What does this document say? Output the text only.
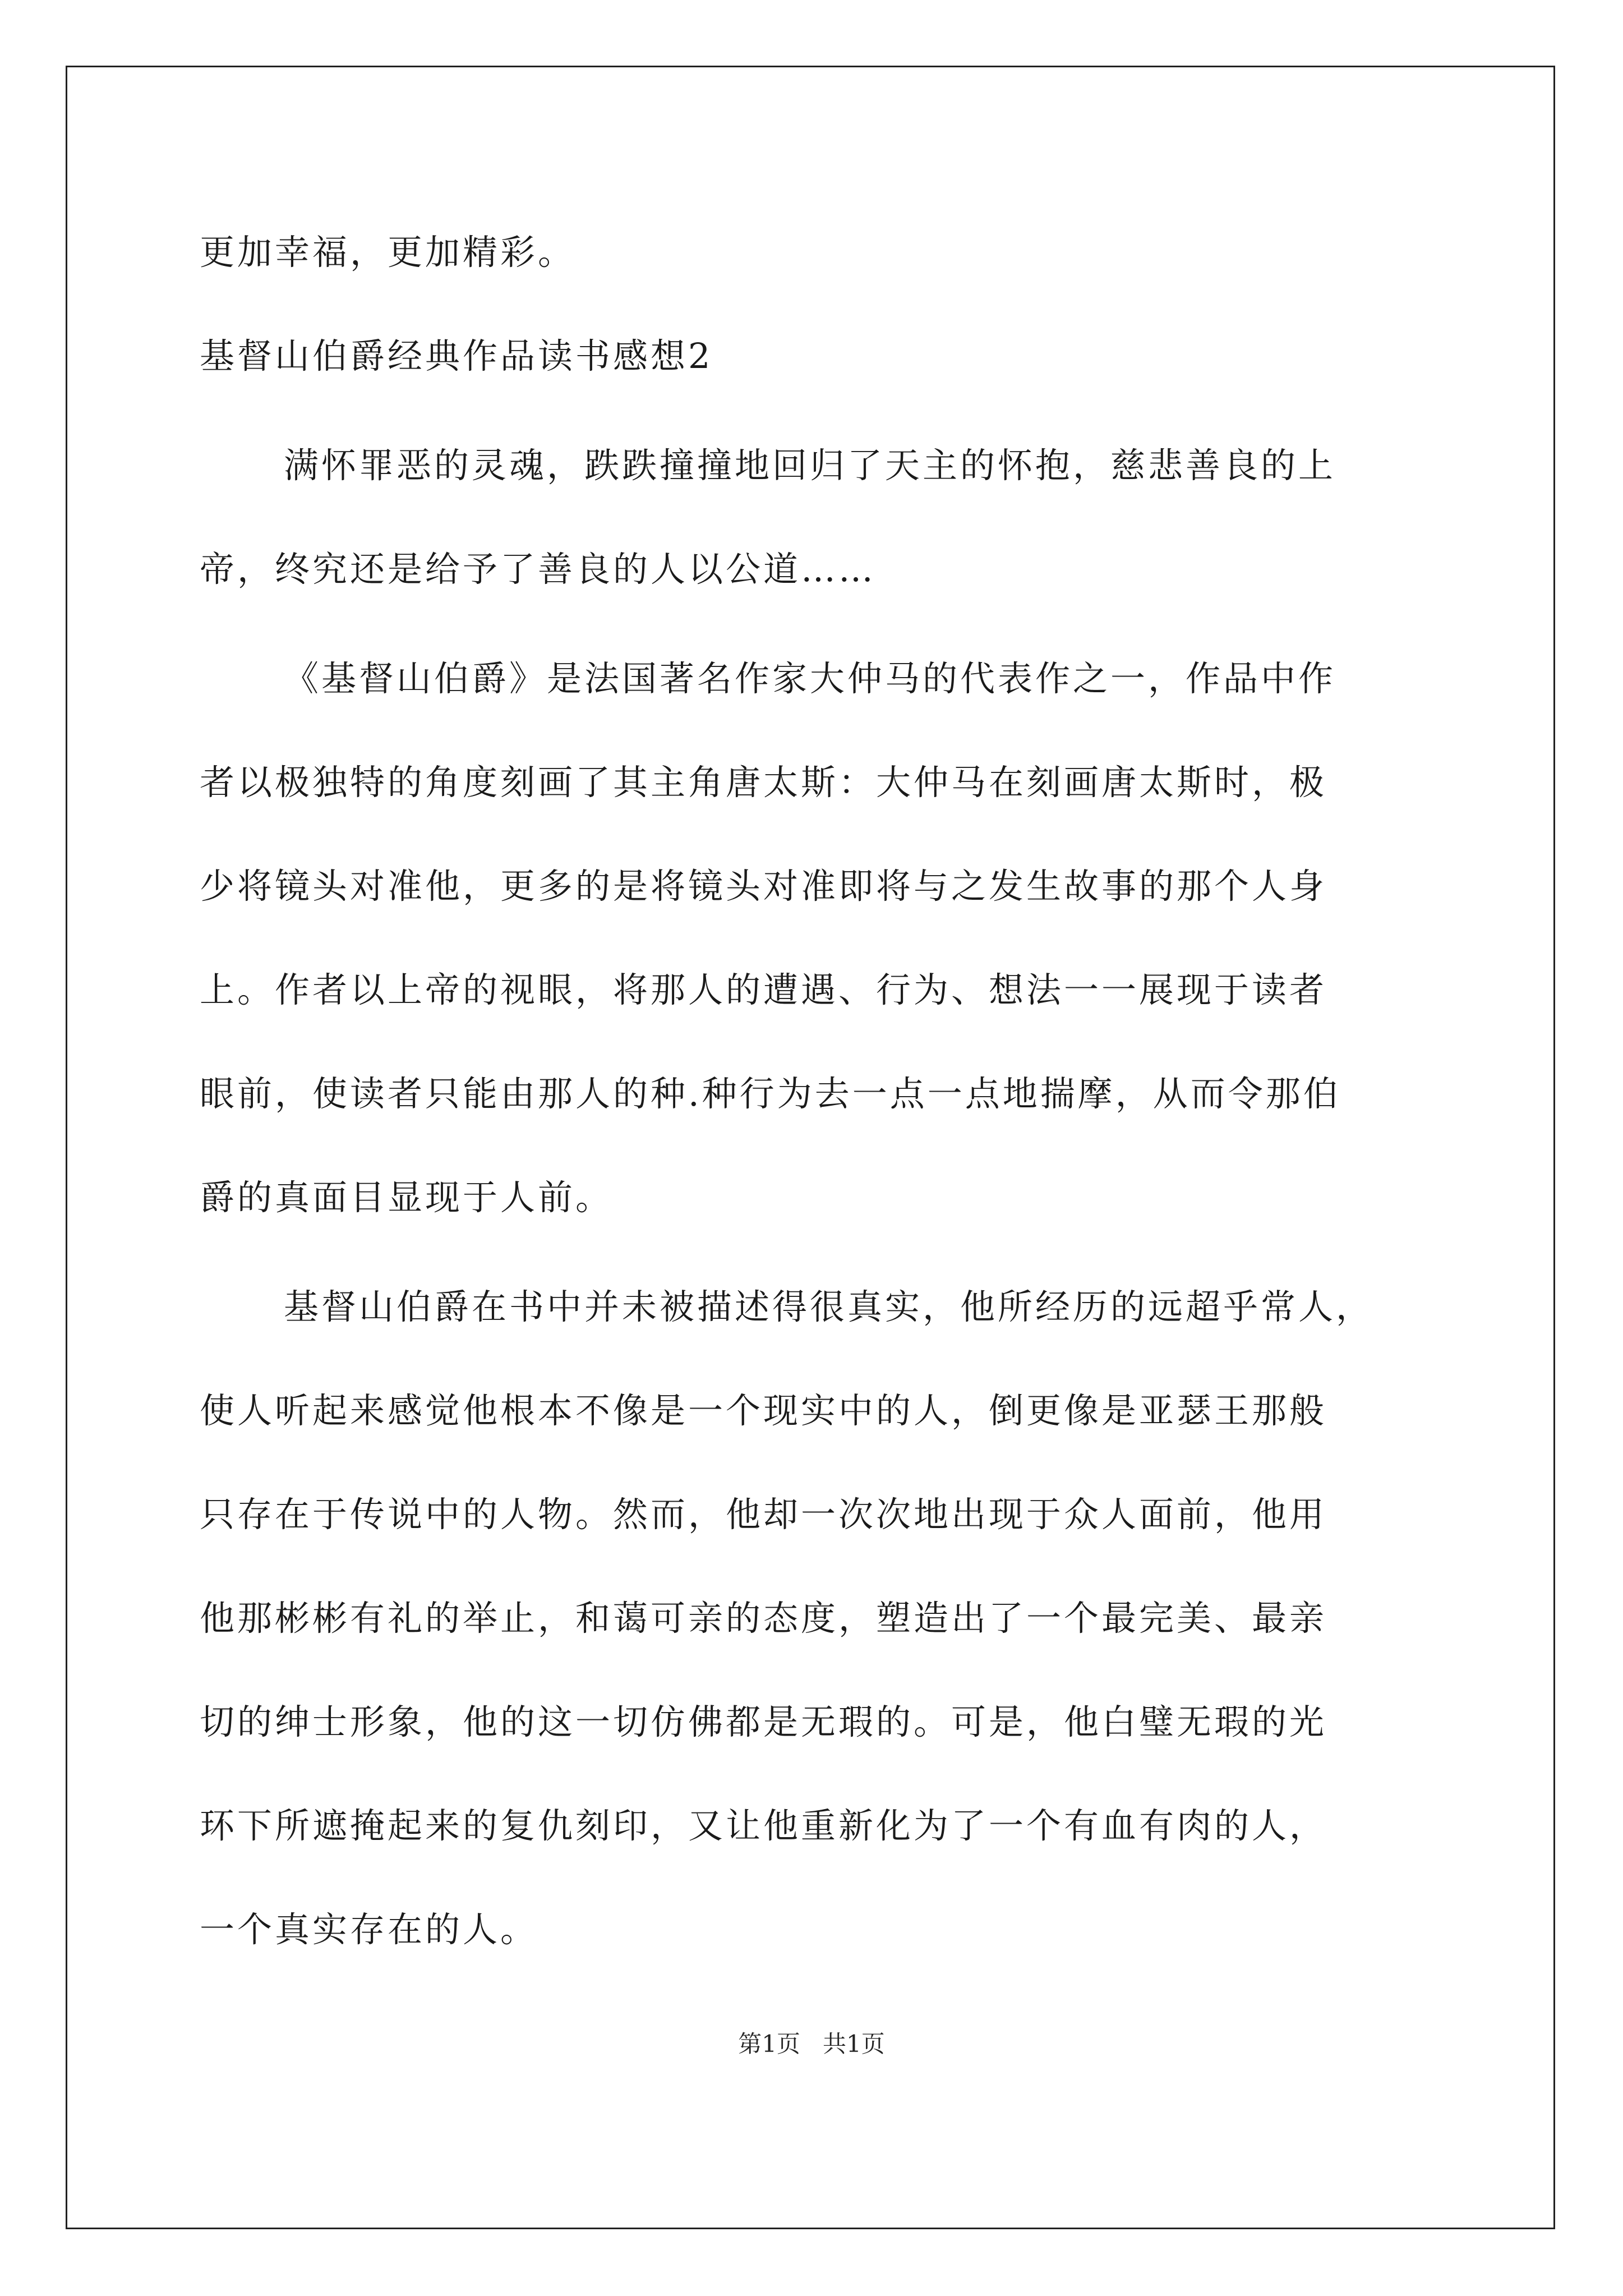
更加幸福，更加精彩。
基督山伯爵经典作品读书感想2
满怀罪恶的灵魂，跌跌撞撞地回归了天主的怀抱，慈悲善良的上
帝，终究还是给予了善良的人以公道……
《基督山伯爵》是法国著名作家大仲马的代表作之一，作品中作
者以极独特的角度刻画了其主角唐太斯：大仲马在刻画唐太斯时，极
少将镜头对准他，更多的是将镜头对准即将与之发生故事的那个人身
上。作者以上帝的视眼，将那人的遭遇、行为、想法一一展现于读者
眼前，使读者只能由那人的种.种行为去一点一点地揣摩，从而令那伯
爵的真面目显现于人前。
基督山伯爵在书中并未被描述得很真实，他所经历的远超乎常人，
使人听起来感觉他根本不像是一个现实中的人，倒更像是亚瑟王那般
只存在于传说中的人物。然而，他却一次次地出现于众人面前，他用
他那彬彬有礼的举止，和蔼可亲的态度，塑造出了一个最完美、最亲
切的绅士形象，他的这一切仿佛都是无瑕的。可是，他白璧无瑕的光
环下所遮掩起来的复仇刻印，又让他重新化为了一个有血有肉的人，
一个真实存在的人。
第1页 共1页
